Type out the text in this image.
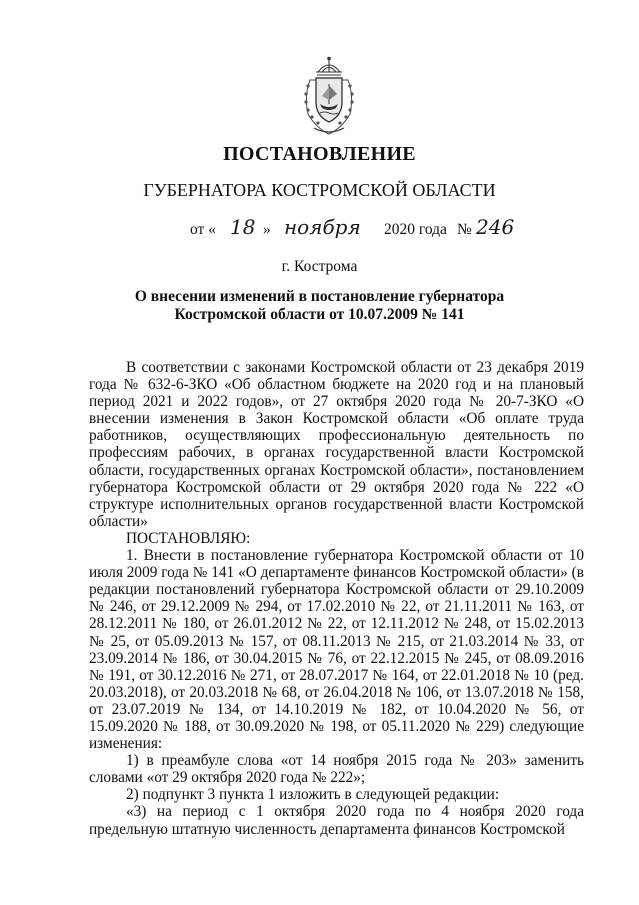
ПОСТАНОВЛЕНИЕ
ГУБЕРНАТОРА КОСТРОМСКОЙ ОБЛАСТИ
от « 18 » ноября 2020 года № 246
г. Кострома
О внесении изменений в постановление губернатора
Костромской области от 10.07.2009 № 141

В соответствии с законами Костромской области от 23 декабря 2019 года № 632-6-ЗКО «Об областном бюджете на 2020 год и на плановый период 2021 и 2022 годов», от 27 октября 2020 года № 20-7-ЗКО «О внесении изменения в Закон Костромской области «Об оплате труда работников, осуществляющих профессиональную деятельность по профессиям рабочих, в органах государственной власти Костромской области, государственных органах Костромской области», постановлением губернатора Костромской области от 29 октября 2020 года № 222 «О структуре исполнительных органов государственной власти Костромской области»

ПОСТАНОВЛЯЮ:

1. Внести в постановление губернатора Костромской области от 10 июля 2009 года № 141 «О департаменте финансов Костромской области» (в редакции постановлений губернатора Костромской области от 29.10.2009 № 246, от 29.12.2009 № 294, от 17.02.2010 № 22, от 21.11.2011 № 163, от 28.12.2011 № 180, от 26.01.2012 № 22, от 12.11.2012 № 248, от 15.02.2013 № 25, от 05.09.2013 № 157, от 08.11.2013 № 215, от 21.03.2014 № 33, от 23.09.2014 № 186, от 30.04.2015 № 76, от 22.12.2015 № 245, от 08.09.2016 № 191, от 30.12.2016 № 271, от 28.07.2017 № 164, от 22.01.2018 № 10 (ред. 20.03.2018), от 20.03.2018 № 68, от 26.04.2018 № 106, от 13.07.2018 № 158, от 23.07.2019 № 134, от 14.10.2019 № 182, от 10.04.2020 № 56, от 15.09.2020 № 188, от 30.09.2020 № 198, от 05.11.2020 № 229) следующие изменения:

1) в преамбуле слова «от 14 ноября 2015 года № 203» заменить словами «от 29 октября 2020 года № 222»;

2) подпункт 3 пункта 1 изложить в следующей редакции:

«3) на период с 1 октября 2020 года по 4 ноября 2020 года предельную штатную численность департамента финансов Костромской
